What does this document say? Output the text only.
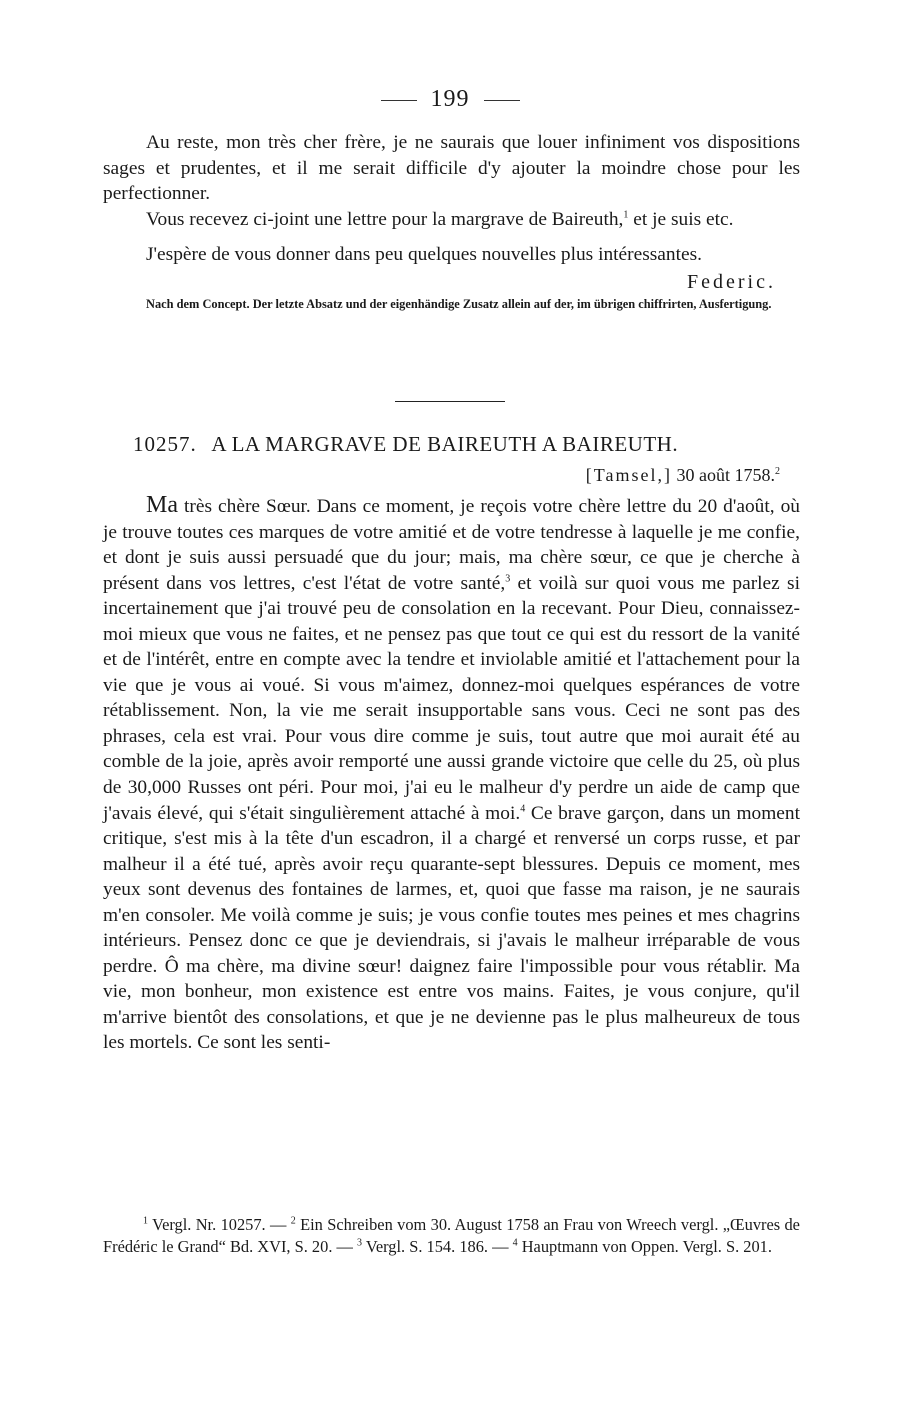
199

Au reste, mon très cher frère, je ne saurais que louer infiniment vos dispositions sages et prudentes, et il me serait difficile d'y ajouter la moindre chose pour les perfectionner.

Vous recevez ci-joint une lettre pour la margrave de Baireuth,$^1$ et je suis etc.

J'espère de vous donner dans peu quelques nouvelles plus intéressantes.

Federic.

Nach dem Concept. Der letzte Absatz und der eigenhändige Zusatz allein auf der, im übrigen chiffrirten, Ausfertigung.

10257. A LA MARGRAVE DE BAIREUTH A BAIREUTH.
[Tamsel,] 30 août 1758.$^2$

Ma très chère Sœur. Dans ce moment, je reçois votre chère lettre du 20 d'août, où je trouve toutes ces marques de votre amitié et de votre tendresse à laquelle je me confie, et dont je suis aussi persuadé que du jour; mais, ma chère sœur, ce que je cherche à présent dans vos lettres, c'est l'état de votre santé,$^3$ et voilà sur quoi vous me parlez si incertainement que j'ai trouvé peu de consolation en la recevant. Pour Dieu, connaissez-moi mieux que vous ne faites, et ne pensez pas que tout ce qui est du ressort de la vanité et de l'intérêt, entre en compte avec la tendre et inviolable amitié et l'attachement pour la vie que je vous ai voué. Si vous m'aimez, donnez-moi quelques espérances de votre rétablissement. Non, la vie me serait insupportable sans vous. Ceci ne sont pas des phrases, cela est vrai. Pour vous dire comme je suis, tout autre que moi aurait été au comble de la joie, après avoir remporté une aussi grande victoire que celle du 25, où plus de 30,000 Russes ont péri. Pour moi, j'ai eu le malheur d'y perdre un aide de camp que j'avais élevé, qui s'était singulièrement attaché à moi.$^4$ Ce brave garçon, dans un moment critique, s'est mis à la tête d'un escadron, il a chargé et renversé un corps russe, et par malheur il a été tué, après avoir reçu quarante-sept blessures. Depuis ce moment, mes yeux sont devenus des fontaines de larmes, et, quoi que fasse ma raison, je ne saurais m'en consoler. Me voilà comme je suis; je vous confie toutes mes peines et mes chagrins intérieurs. Pensez donc ce que je deviendrais, si j'avais le malheur irréparable de vous perdre. Ô ma chère, ma divine sœur! daignez faire l'impossible pour vous rétablir. Ma vie, mon bonheur, mon existence est entre vos mains. Faites, je vous conjure, qu'il m'arrive bientôt des consolations, et que je ne devienne pas le plus malheureux de tous les mortels. Ce sont les senti-

$^1$ Vergl. Nr. 10257. — $^2$ Ein Schreiben vom 30. August 1758 an Frau von Wreech vergl. „Œuvres de Frédéric le Grand“ Bd. XVI, S. 20. — $^3$ Vergl. S. 154. 186. — $^4$ Hauptmann von Oppen. Vergl. S. 201.
